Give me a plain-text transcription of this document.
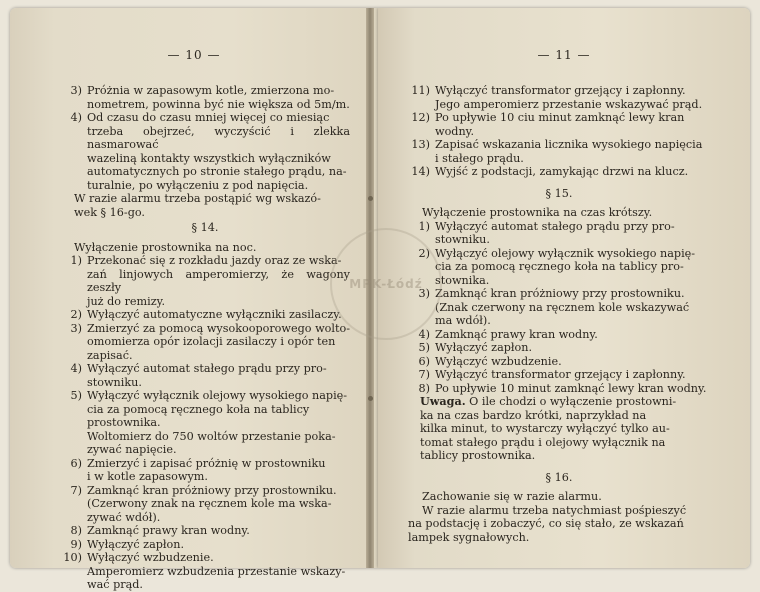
— 10 —
3) Próżnia w zapasowym kotle, zmierzona mo-
nometrem, powinna być nie większa od 5m/m.
4) Od czasu do czasu mniej więcej co miesiąc
trzeba obejrzeć, wyczyścić i zlekka nasmarować
wazeliną kontakty wszystkich wyłączników
automatycznych po stronie stałego prądu, na-
turalnie, po wyłączeniu z pod napięcia.
W razie alarmu trzeba postąpić wg wskazó-
wek § 16-go.
§ 14.
Wyłączenie prostownika na noc.
1) Przekonać się z rozkładu jazdy oraz ze wska-
zań linjowych amperomierzy, że wagony zeszły
już do remizy.
2) Wyłączyć automatyczne wyłączniki zasilaczy.
3) Zmierzyć za pomocą wysokooporowego wolto-
omomierza opór izolacji zasilaczy i opór ten
zapisać.
4) Wyłączyć automat stałego prądu przy pro-
stowniku.
5) Wyłączyć wyłącznik olejowy wysokiego napię-
cia za pomocą ręcznego koła na tablicy
prostownika.
Woltomierz do 750 woltów przestanie poka-
zywać napięcie.
6) Zmierzyć i zapisać próżnię w prostowniku
i w kotle zapasowym.
7) Zamknąć kran próżniowy przy prostowniku.
(Czerwony znak na ręcznem kole ma wska-
zywać wdół).
8) Zamknąć prawy kran wodny.
9) Wyłączyć zapłon.
10) Wyłączyć wzbudzenie.
Amperomierz wzbudzenia przestanie wskazy-
wać prąd.
— 11 —
11) Wyłączyć transformator grzejący i zapłonny.
Jego amperomierz przestanie wskazywać prąd.
12) Po upływie 10 ciu minut zamknąć lewy kran
wodny.
13) Zapisać wskazania licznika wysokiego napięcia
i stałego prądu.
14) Wyjść z podstacji, zamykając drzwi na klucz.
§ 15.
Wyłączenie prostownika na czas krótszy.
1) Wyłączyć automat stałego prądu przy pro-
stowniku.
2) Wyłączyć olejowy wyłącznik wysokiego napię-
cia za pomocą ręcznego koła na tablicy pro-
stownika.
3) Zamknąć kran próżniowy przy prostowniku.
(Znak czerwony na ręcznem kole wskazywać
ma wdół).
4) Zamknąć prawy kran wodny.
5) Wyłączyć zapłon.
6) Wyłączyć wzbudzenie.
7) Wyłączyć transformator grzejący i zapłonny.
8) Po upływie 10 minut zamknąć lewy kran wodny.
Uwaga. O ile chodzi o wyłączenie prostowni-
ka na czas bardzo krótki, naprzykład na
kilka minut, to wystarczy wyłączyć tylko au-
tomat stałego prądu i olejowy wyłącznik na
tablicy prostownika.
§ 16.
Zachowanie się w razie alarmu.
W razie alarmu trzeba natychmiast pośpieszyć
na podstację i zobaczyć, co się stało, ze wskazań
lampek sygnałowych.
MPK-Łódź
